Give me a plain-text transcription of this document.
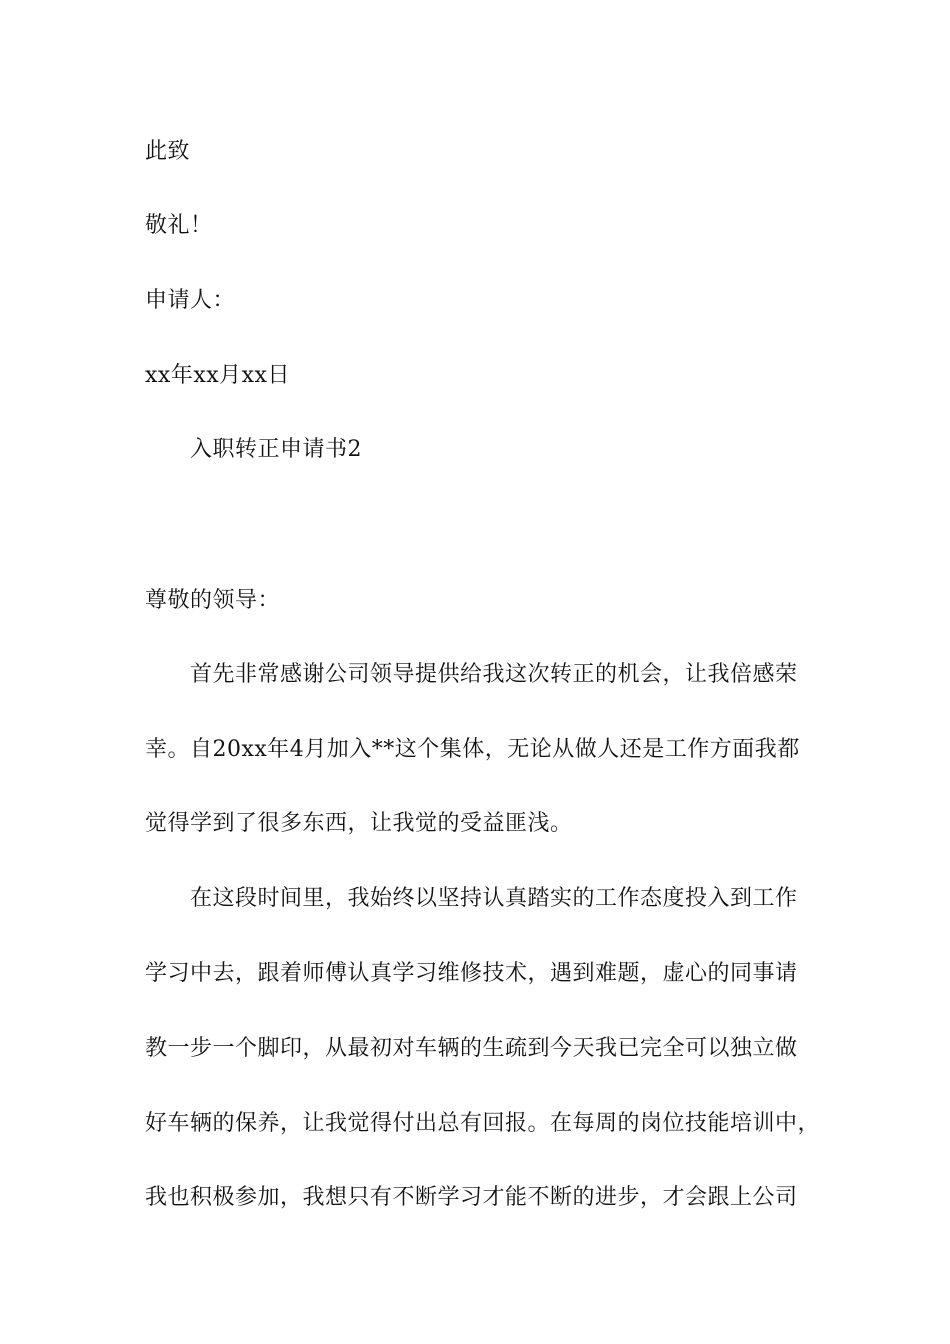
此致
敬礼！
申请人：
xx年xx月xx日
入职转正申请书2
尊敬的领导：
首先非常感谢公司领导提供给我这次转正的机会，让我倍感荣
幸。自20xx年4月加入**这个集体，无论从做人还是工作方面我都
觉得学到了很多东西，让我觉的受益匪浅。
在这段时间里，我始终以坚持认真踏实的工作态度投入到工作
学习中去，跟着师傅认真学习维修技术，遇到难题，虚心的同事请
教一步一个脚印，从最初对车辆的生疏到今天我已完全可以独立做
好车辆的保养，让我觉得付出总有回报。在每周的岗位技能培训中，
我也积极参加，我想只有不断学习才能不断的进步，才会跟上公司
